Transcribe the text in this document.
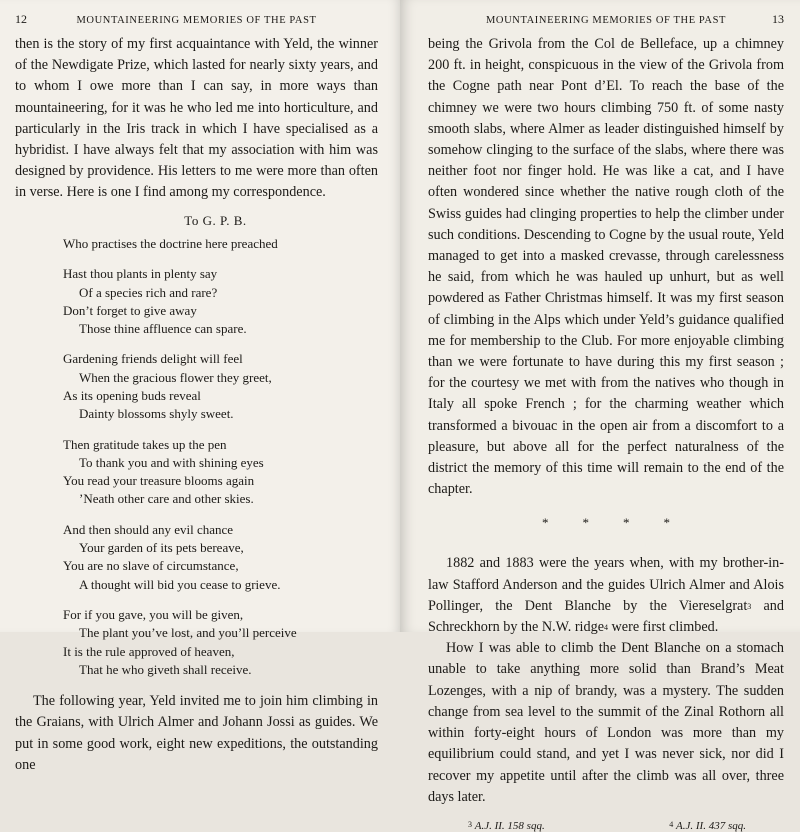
12	MOUNTAINEERING MEMORIES OF THE PAST

then is the story of my first acquaintance with Yeld, the winner of the Newdigate Prize, which lasted for nearly sixty years, and to whom I owe more than I can say, in more ways than mountaineering, for it was he who led me into horticulture, and particularly in the Iris track in which I have specialised as a hybridist. I have always felt that my association with him was designed by providence. His letters to me were more than often in verse. Here is one I find among my correspondence.

To G. P. B.
Who practises the doctrine here preached
Hast thou plants in plenty say
Of a species rich and rare?
Don’t forget to give away
Those thine affluence can spare.
Gardening friends delight will feel
When the gracious flower they greet,
As its opening buds reveal
Dainty blossoms shyly sweet.
Then gratitude takes up the pen
To thank you and with shining eyes
You read your treasure blooms again
’Neath other care and other skies.
And then should any evil chance
Your garden of its pets bereave,
You are no slave of circumstance,
A thought will bid you cease to grieve.
For if you gave, you will be given,
The plant you’ve lost, and you’ll perceive
It is the rule approved of heaven,
That he who giveth shall receive.

The following year, Yeld invited me to join him climbing in the Graians, with Ulrich Almer and Johann Jossi as guides. We put in some good work, eight new expeditions, the outstanding one

MOUNTAINEERING MEMORIES OF THE PAST	13

being the Grivola from the Col de Belleface, up a chimney 200 ft. in height, conspicuous in the view of the Grivola from the Cogne path near Pont d’El. To reach the base of the chimney we were two hours climbing 750 ft. of some nasty smooth slabs, where Almer as leader distinguished himself by somehow clinging to the surface of the slabs, where there was neither foot nor finger hold. He was like a cat, and I have often wondered since whether the native rough cloth of the Swiss guides had clinging properties to help the climber under such conditions. Descending to Cogne by the usual route, Yeld managed to get into a masked crevasse, through carelessness he said, from which he was hauled up unhurt, but as well powdered as Father Christmas himself. It was my first season of climbing in the Alps which under Yeld’s guidance qualified me for membership to the Club. For more enjoyable climbing than we were fortunate to have during this my first season ; for the courtesy we met with from the natives who though in Italy all spoke French ; for the charming weather which transformed a bivouac in the open air from a discomfort to a pleasure, but above all for the perfect naturalness of the district the memory of this time will remain to the end of the chapter.

*	*	*	*

1882 and 1883 were the years when, with my brother-in-law Stafford Anderson and the guides Ulrich Almer and Alois Pollinger, the Dent Blanche by the Viereselgrat$^3$ and Schreckhorn by the N.W. ridge$^4$ were first climbed.

How I was able to climb the Dent Blanche on a stomach unable to take anything more solid than Brand’s Meat Lozenges, with a nip of brandy, was a mystery. The sudden change from sea level to the summit of the Zinal Rothorn all within forty-eight hours of London was more than my equilibrium could stand, and yet I was never sick, nor did I recover my appetite until after the climb was all over, three days later.

$^3$ A.J. II. 158 sqq.	$^4$ A.J. II. 437 sqq.
